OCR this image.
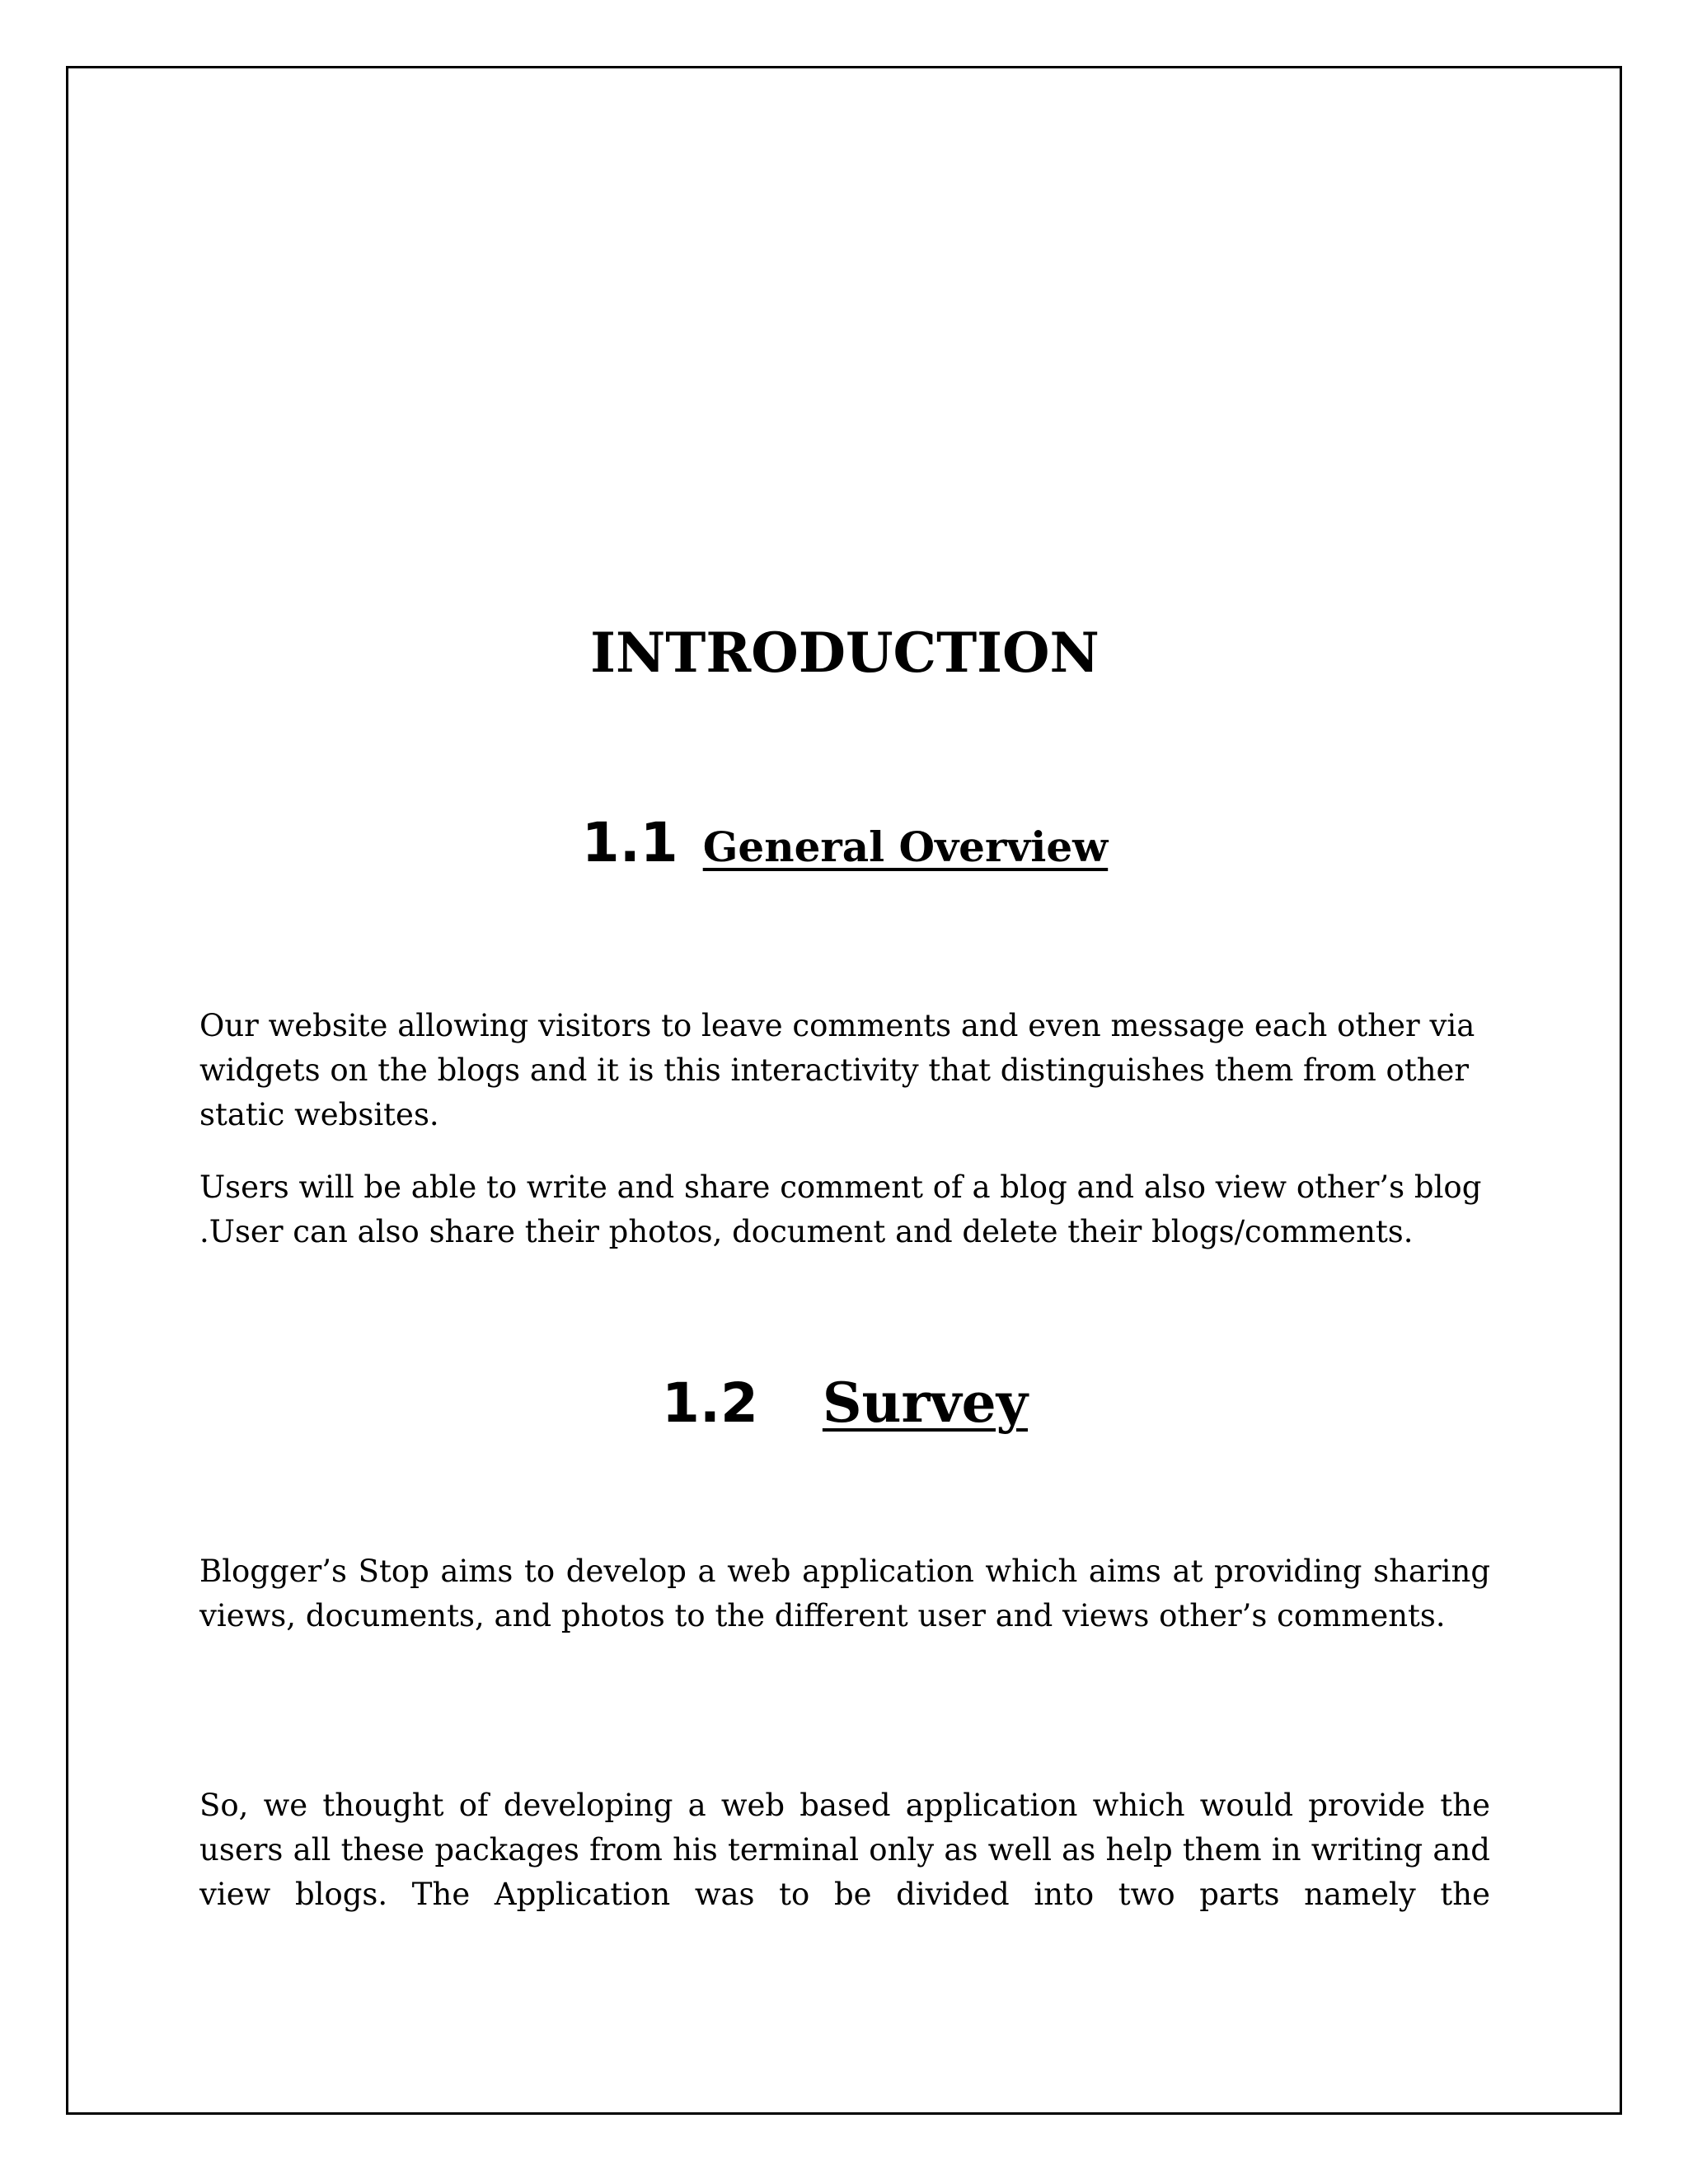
INTRODUCTION
1.1 General Overview

Our website allowing visitors to leave comments and even message each other via widgets on the blogs and it is this interactivity that distinguishes them from other static websites.

Users will be able to write and share comment of a blog and also view other’s blog .User can also share their photos, document and delete their blogs/comments.

1.2 Survey

Blogger’s Stop aims to develop a web application which aims at providing sharing views, documents, and photos to the different user and views other’s comments.

So, we thought of developing a web based application which would provide the users all these packages from his terminal only as well as help them in writing and view blogs. The Application was to be divided into two parts namely the
